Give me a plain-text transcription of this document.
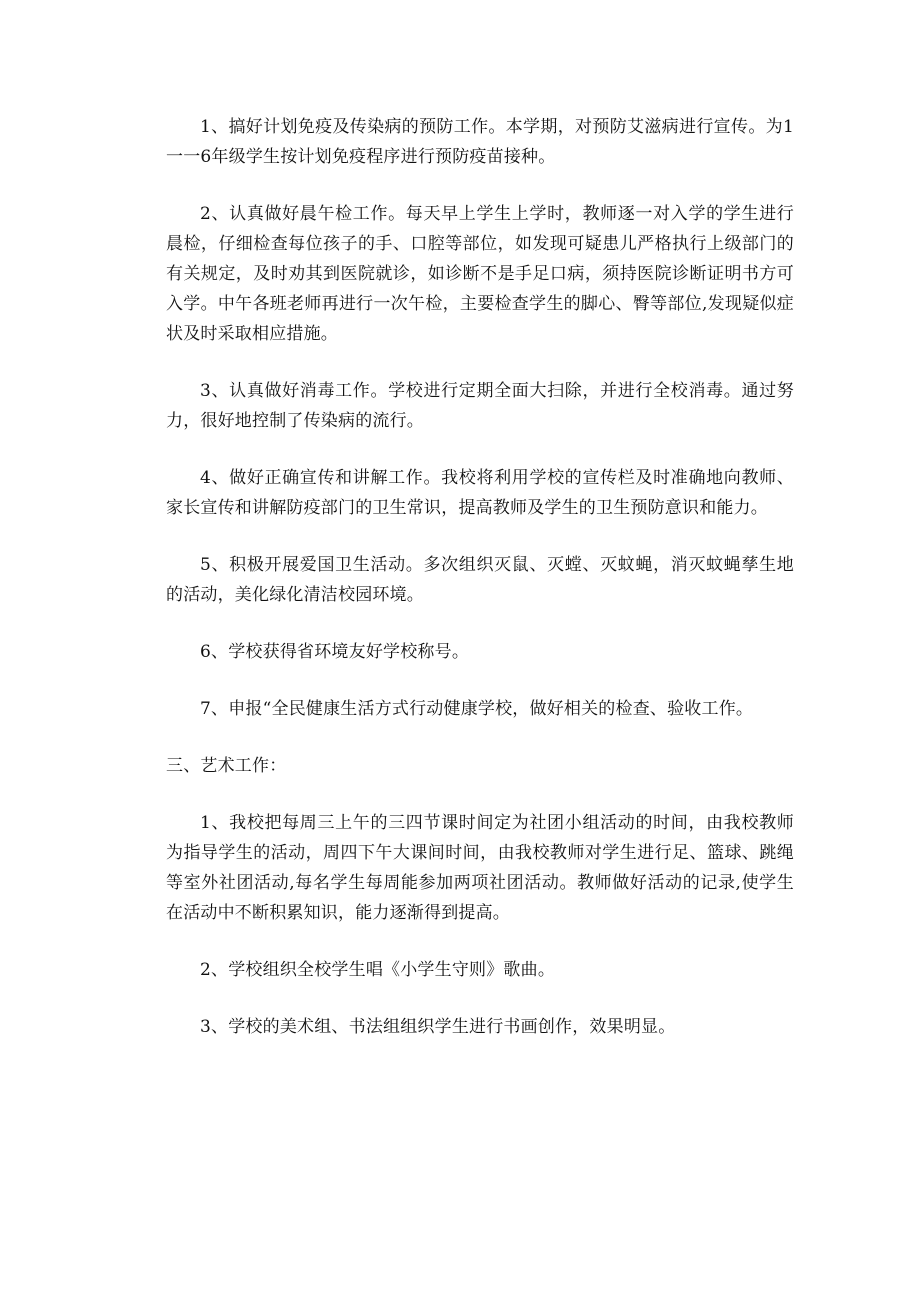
1、搞好计划免疫及传染病的预防工作。本学期，对预防艾滋病进行宣传。为1一一6年级学生按计划免疫程序进行预防疫苗接种。

2、认真做好晨午检工作。每天早上学生上学时，教师逐一对入学的学生进行晨检，仔细检查每位孩子的手、口腔等部位，如发现可疑患儿严格执行上级部门的有关规定，及时劝其到医院就诊，如诊断不是手足口病，须持医院诊断证明书方可入学。中午各班老师再进行一次午检，主要检查学生的脚心、臀等部位,发现疑似症状及时采取相应措施。

3、认真做好消毒工作。学校进行定期全面大扫除，并进行全校消毒。通过努力，很好地控制了传染病的流行。

4、做好正确宣传和讲解工作。我校将利用学校的宣传栏及时准确地向教师、家长宣传和讲解防疫部门的卫生常识，提高教师及学生的卫生预防意识和能力。

5、积极开展爱国卫生活动。多次组织灭鼠、灭螳、灭蚊蝇，消灭蚊蝇孳生地的活动，美化绿化清洁校园环境。

6、学校获得省环境友好学校称号。

7、申报“全民健康生活方式行动健康学校，做好相关的检查、验收工作。

三、艺术工作：

1、我校把每周三上午的三四节课时间定为社团小组活动的时间，由我校教师为指导学生的活动，周四下午大课间时间，由我校教师对学生进行足、篮球、跳绳等室外社团活动,每名学生每周能参加两项社团活动。教师做好活动的记录,使学生在活动中不断积累知识，能力逐渐得到提高。

2、学校组织全校学生唱《小学生守则》歌曲。

3、学校的美术组、书法组组织学生进行书画创作，效果明显。
